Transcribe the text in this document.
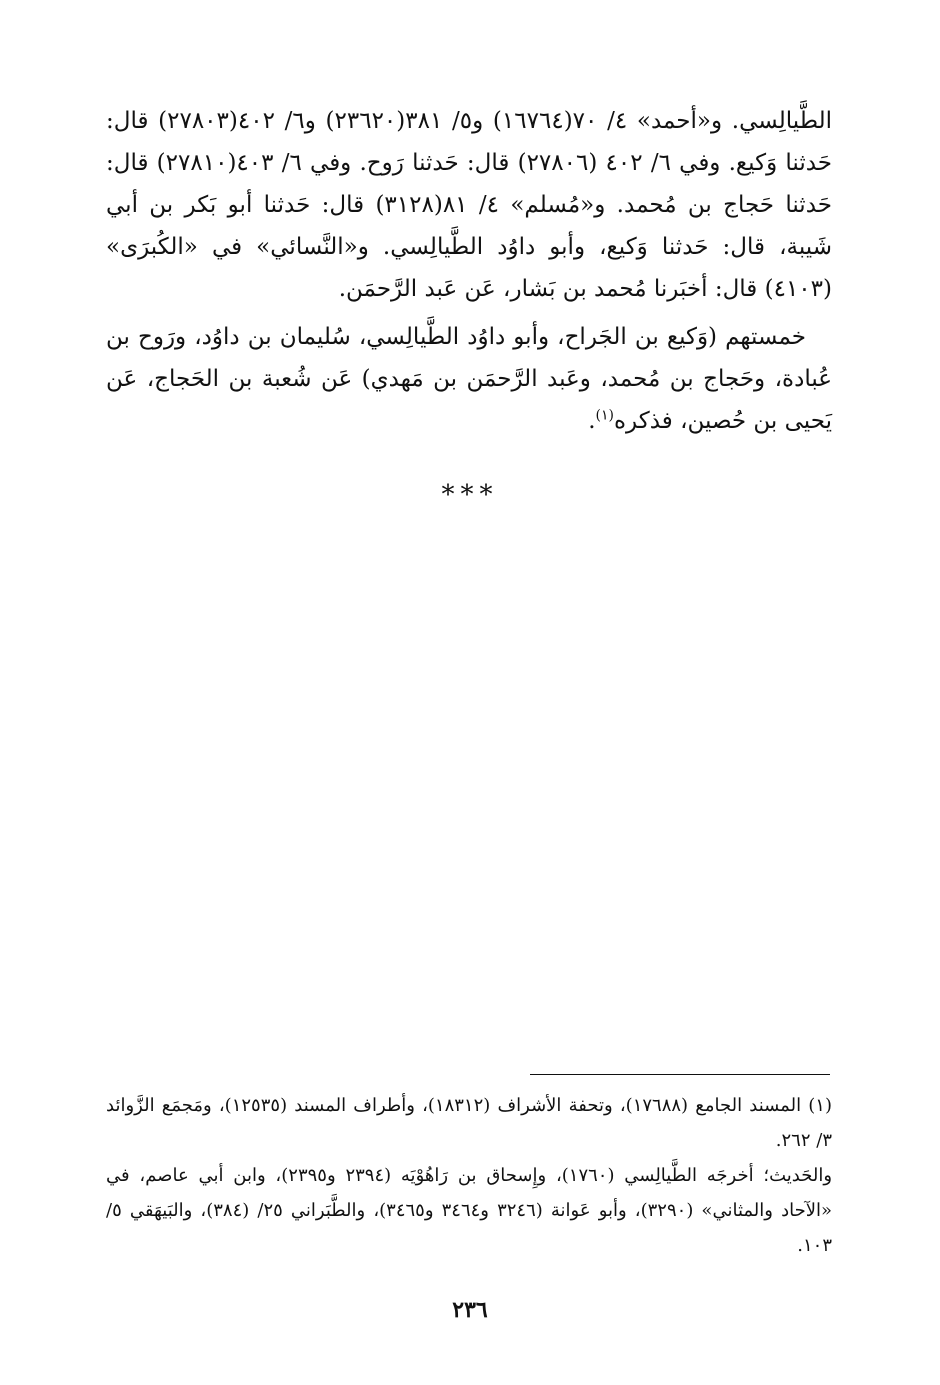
الطَّيالِسي. و«أحمد» ٤/ ٧٠(١٦٧٦٤) و٥/ ٣٨١(٢٣٦٢٠) و٦/ ٤٠٢(٢٧٨٠٣) قال: حَدثنا وَكيع. وفي ٦/ ٤٠٢ (٢٧٨٠٦) قال: حَدثنا رَوح. وفي ٦/ ٤٠٣(٢٧٨١٠) قال: حَدثنا حَجاج بن مُحمد. و«مُسلم» ٤/ ٨١(٣١٢٨) قال: حَدثنا أبو بَكر بن أبي شَيبة، قال: حَدثنا وَكيع، وأبو داوُد الطَّيالِسي. و«النَّسائي» في «الكُبرَى» (٤١٠٣) قال: أخبَرنا مُحمد بن بَشار، عَن عَبد الرَّحمَن.

خمستهم (وَكيع بن الجَراح، وأبو داوُد الطَّيالِسي، سُليمان بن داوُد، ورَوح بن عُبادة، وحَجاج بن مُحمد، وعَبد الرَّحمَن بن مَهدي) عَن شُعبة بن الحَجاج، عَن يَحيى بن حُصين، فذكره$^{(١)}$.

***

(١) المسند الجامع (١٧٦٨٨)، وتحفة الأشراف (١٨٣١٢)، وأطراف المسند (١٢٥٣٥)، ومَجمَع الزَّوائد ٣/ ٢٦٢.

والحَديث؛ أخرجَه الطَّيالِسي (١٧٦٠)، وإِسحاق بن رَاهُوْيَه (٢٣٩٤ و٢٣٩٥)، وابن أبي عاصم، في «الآحاد والمثاني» (٣٢٩٠)، وأبو عَوانة (٣٢٤٦ و٣٤٦٤ و٣٤٦٥)، والطَّبَراني ٢٥/ (٣٨٤)، والبَيهَقي ٥/ ١٠٣.

٢٣٦
